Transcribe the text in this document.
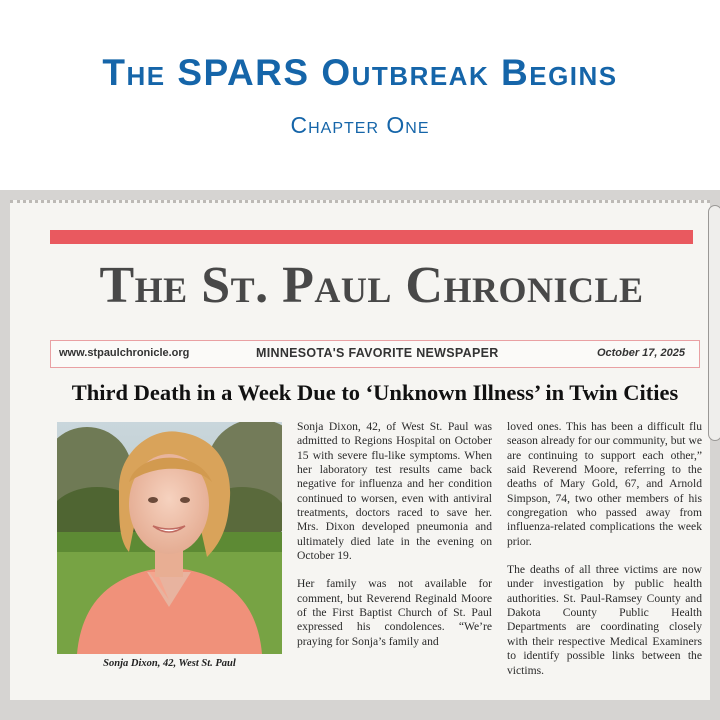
The SPARS Outbreak Begins
Chapter One
The St. Paul Chronicle
www.stpaulchronicle.org	MINNESOTA'S FAVORITE NEWSPAPER	October 17, 2025
Third Death in a Week Due to ‘Unknown Illness’ in Twin Cities
Sonja Dixon, 42, West St. Paul

Sonja Dixon, 42, of West St. Paul was admitted to Regions Hospital on October 15 with severe flu-like symptoms. When her laboratory test results came back negative for influenza and her condition continued to worsen, even with antiviral treatments, doctors raced to save her. Mrs. Dixon developed pneumonia and ultimately died late in the evening on October 19.

Her family was not available for comment, but Reverend Reginald Moore of the First Baptist Church of St. Paul expressed his condolences. “We’re praying for Sonja’s family and

loved ones. This has been a difficult flu season already for our community, but we are continuing to support each other,” said Reverend Moore, referring to the deaths of Mary Gold, 67, and Arnold Simpson, 74, two other members of his congregation who passed away from influenza-related complications the week prior.

The deaths of all three victims are now under investigation by public health authorities. St. Paul-Ramsey County and Dakota County Public Health Departments are coordinating closely with their respective Medical Examiners to identify possible links between the victims.
